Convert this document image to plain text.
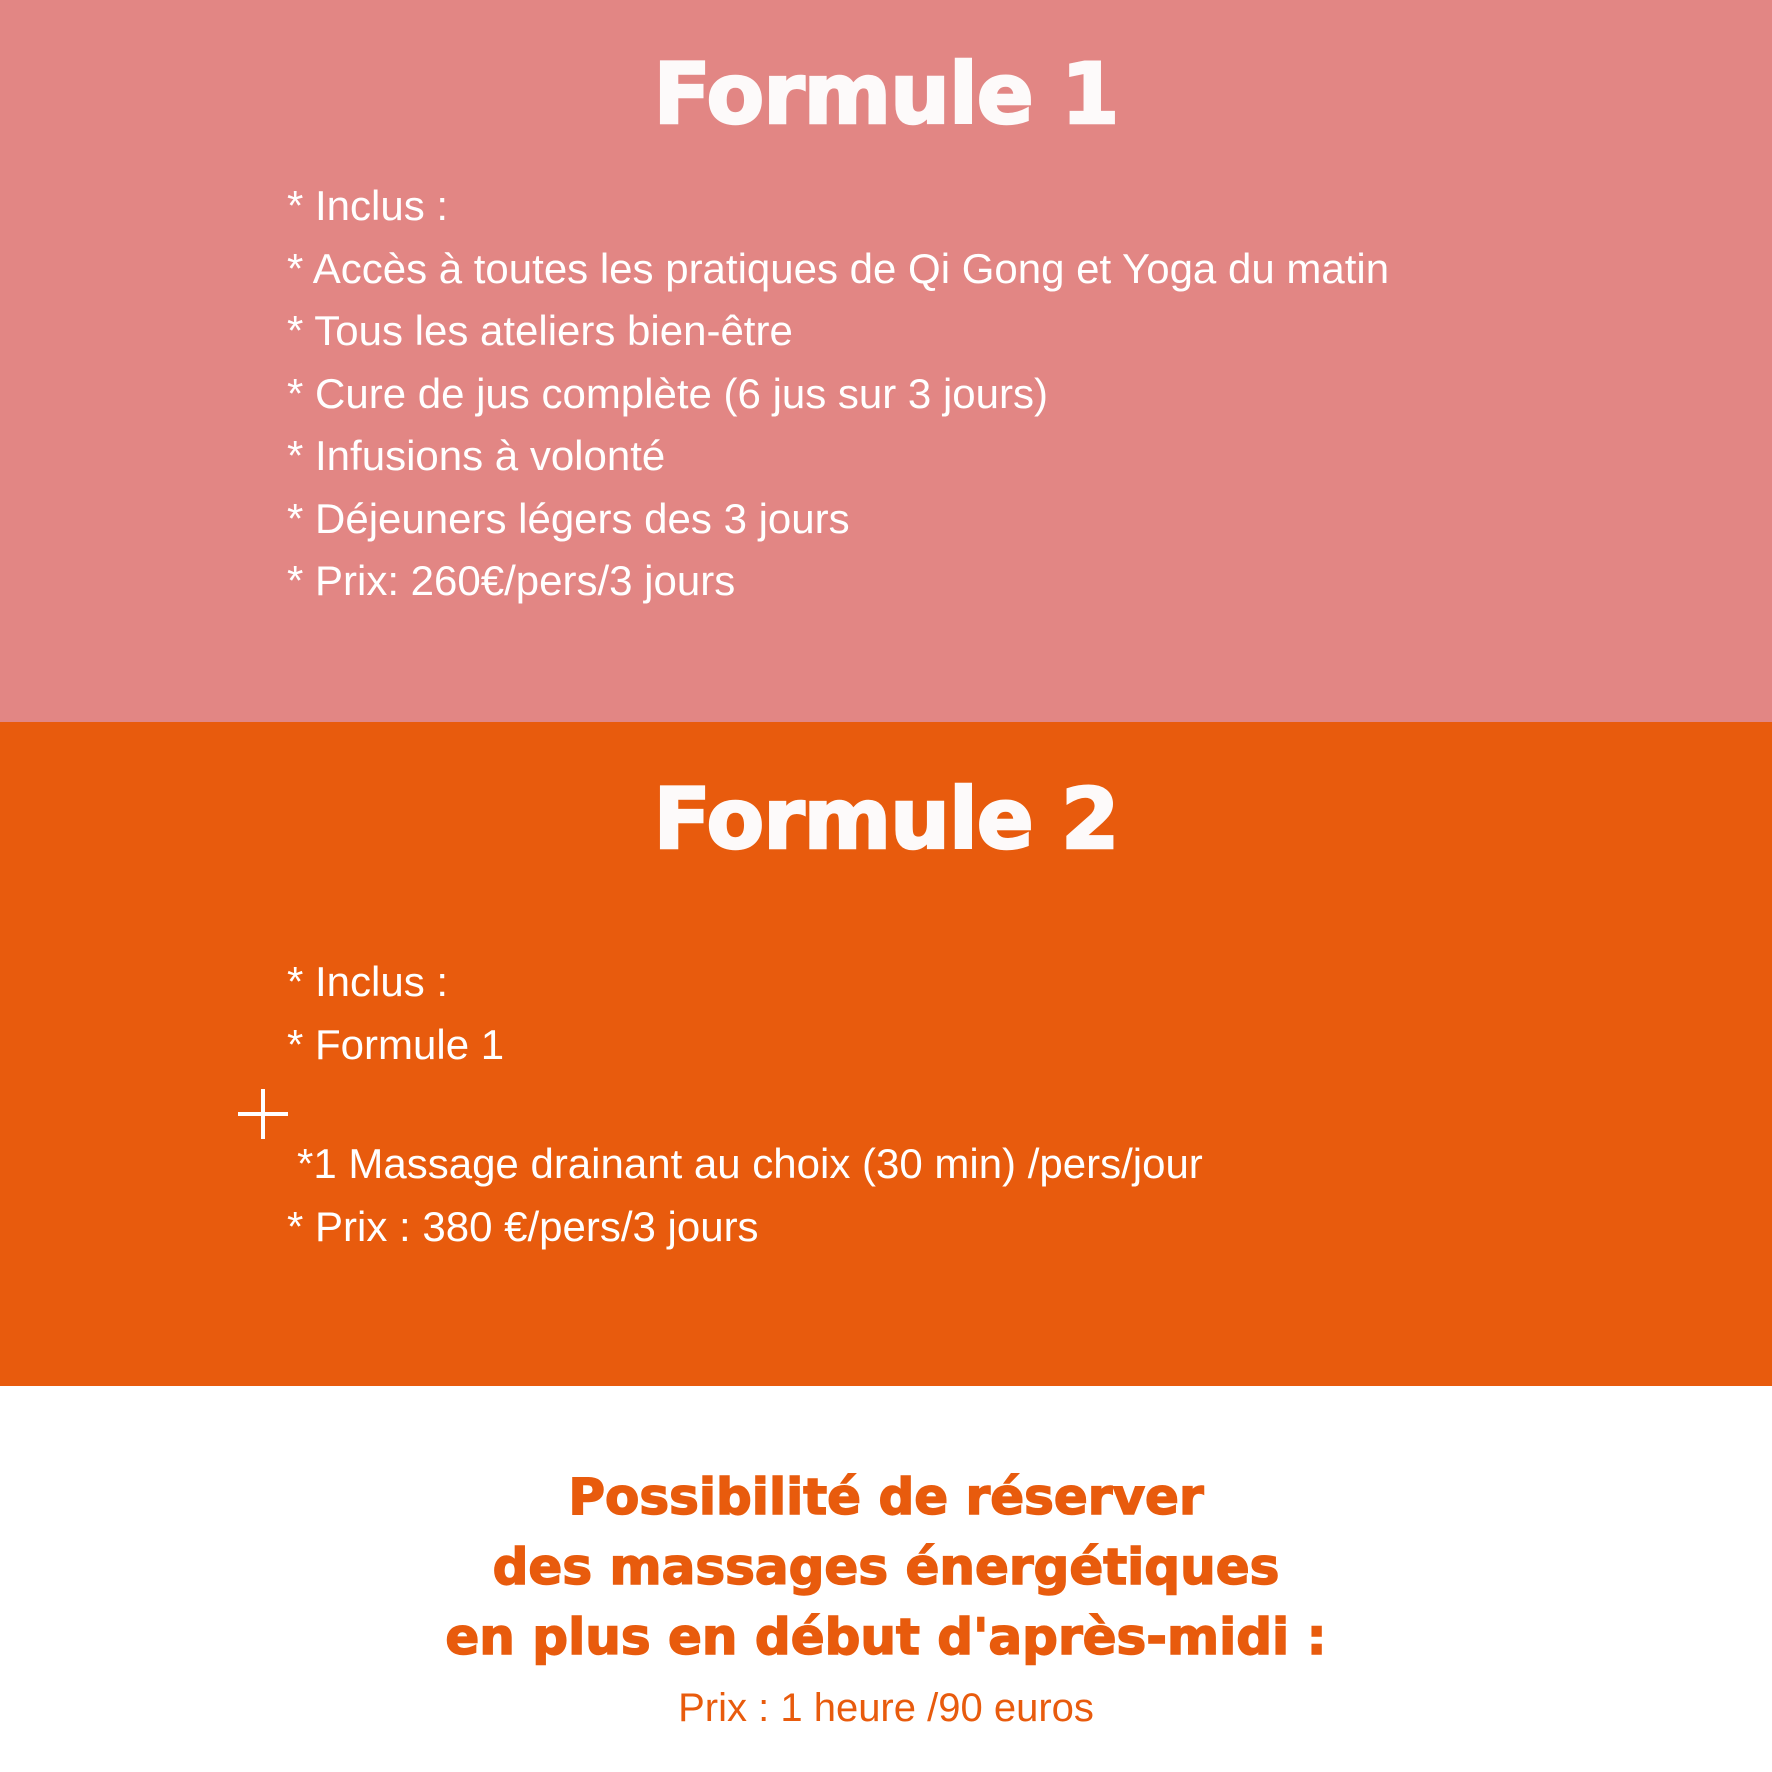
Formule 1
* Inclus :
* Accès à toutes les pratiques de Qi Gong et Yoga du matin
* Tous les ateliers bien-être
* Cure de jus complète (6 jus sur 3 jours)
* Infusions à volonté
* Déjeuners légers des 3 jours
* Prix: 260€/pers/3 jours
Formule 2
* Inclus :
* Formule 1
*1 Massage drainant au choix (30 min) /pers/jour
* Prix : 380 €/pers/3 jours
Possibilité de réserver
des massages énergétiques
en plus en début d'après-midi :
Prix : 1 heure /90 euros
